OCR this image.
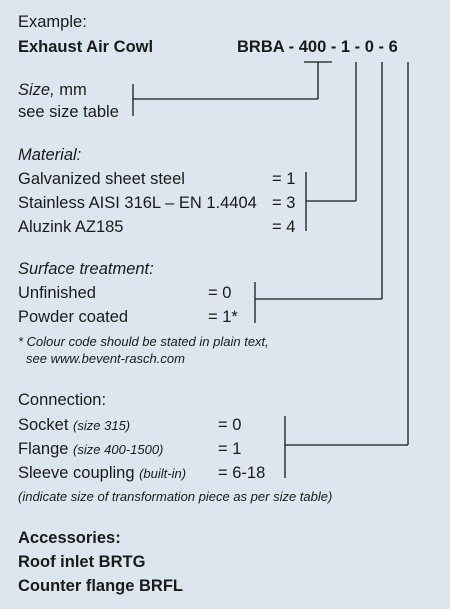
Example:
Exhaust Air Cowl	BRBA - 400 - 1 - 0 - 6
Size, mm
see size table
Material:
Galvanized sheet steel	= 1
Stainless AISI 316L – EN 1.4404 = 3
Aluzink AZ185	= 4
Surface treatment:
Unfinished	= 0
Powder coated	= 1*
* Colour code should be stated in plain text,
see www.bevent-rasch.com
Connection:
Socket (size 315)	= 0
Flange (size 400-1500)	= 1
Sleeve coupling (built-in) = 6-18
(indicate size of transformation piece as per size table)
Accessories:
Roof inlet BRTG
Counter flange BRFL
